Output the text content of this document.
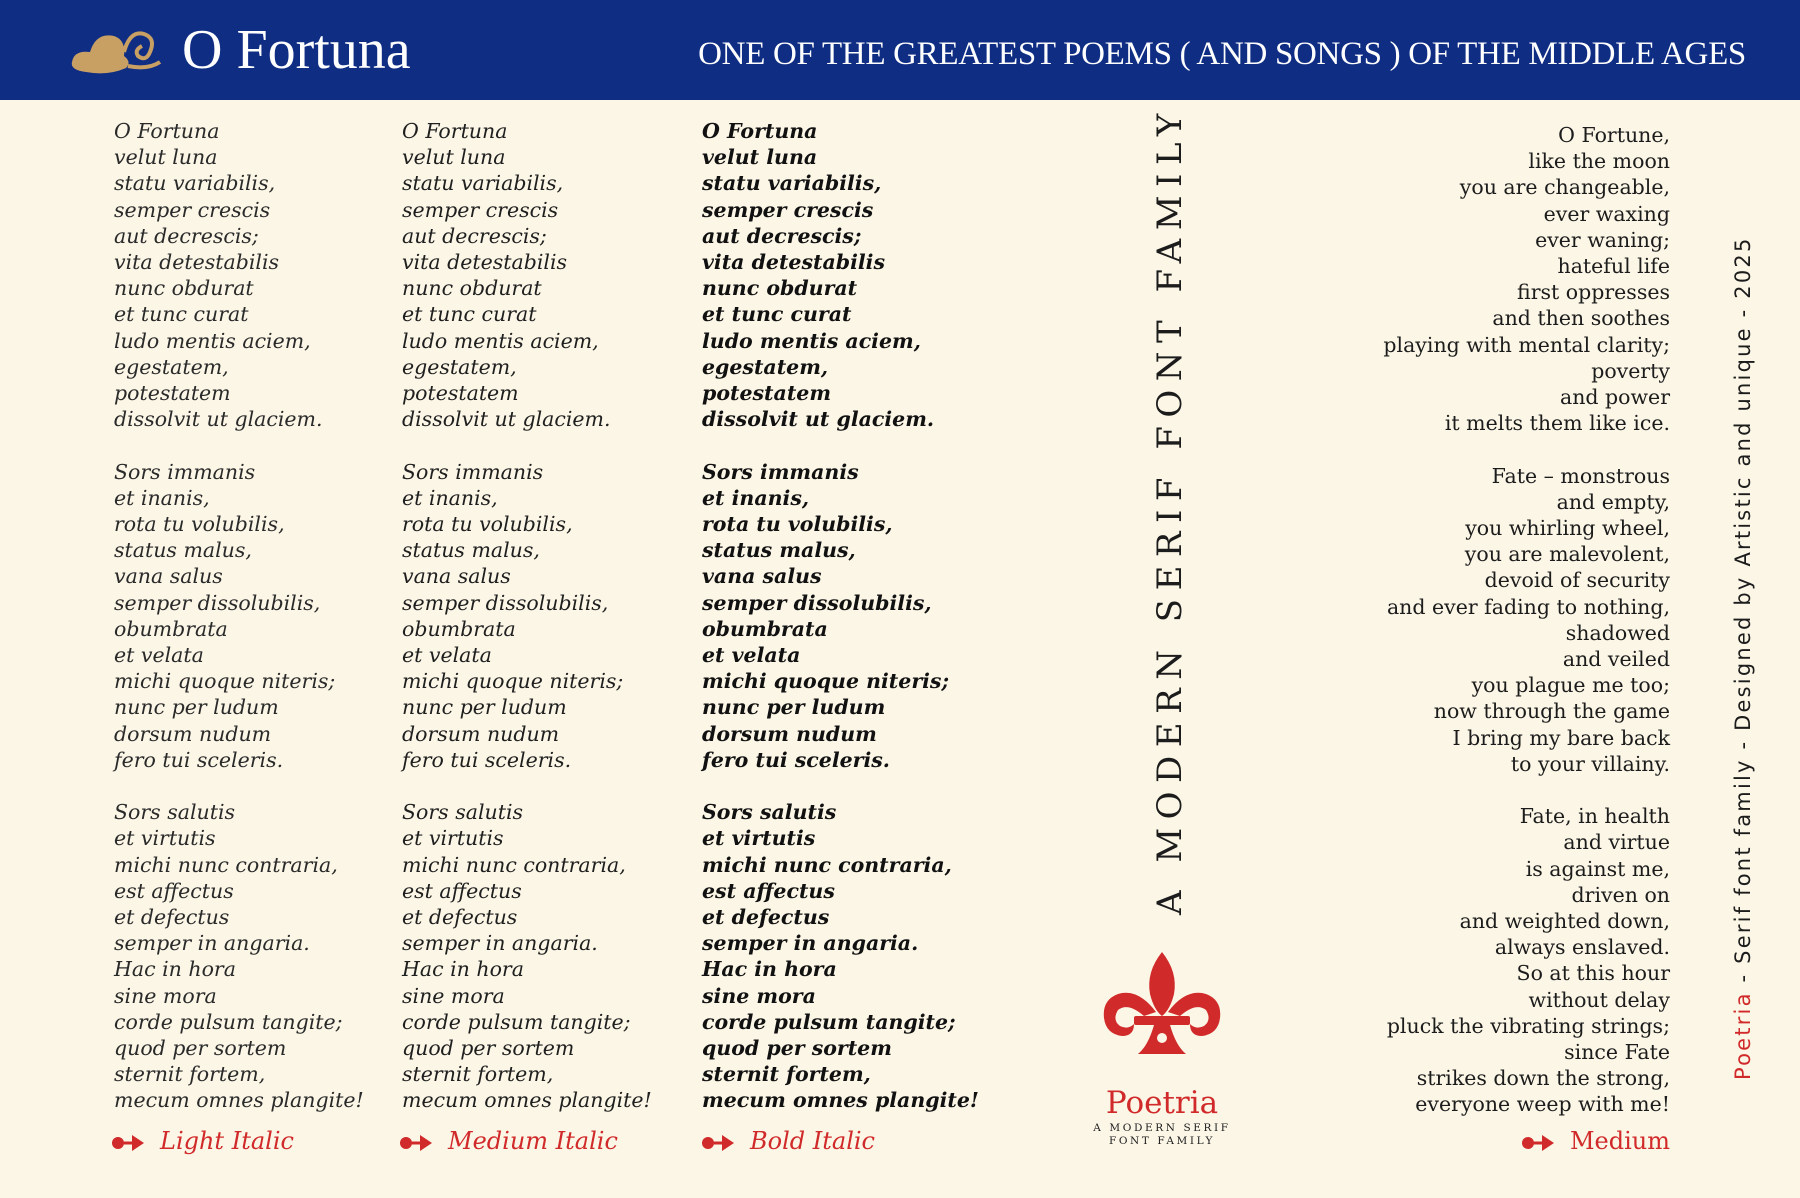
O Fortuna	ONE OF THE GREATEST POEMS ( AND SONGS ) OF THE MIDDLE AGES
O Fortuna
velut luna
statu variabilis,
semper crescis
aut decrescis;
vita detestabilis
nunc obdurat
et tunc curat
ludo mentis aciem,
egestatem,
potestatem
dissolvit ut glaciem.
Sors immanis
et inanis,
rota tu volubilis,
status malus,
vana salus
semper dissolubilis,
obumbrata
et velata
michi quoque niteris;
nunc per ludum
dorsum nudum
fero tui sceleris.
Sors salutis
et virtutis
michi nunc contraria,
est affectus
et defectus
semper in angaria.
Hac in hora
sine mora
corde pulsum tangite;
quod per sortem
sternit fortem,
mecum omnes plangite!
O Fortuna
velut luna
statu variabilis,
semper crescis
aut decrescis;
vita detestabilis
nunc obdurat
et tunc curat
ludo mentis aciem,
egestatem,
potestatem
dissolvit ut glaciem.
Sors immanis
et inanis,
rota tu volubilis,
status malus,
vana salus
semper dissolubilis,
obumbrata
et velata
michi quoque niteris;
nunc per ludum
dorsum nudum
fero tui sceleris.
Sors salutis
et virtutis
michi nunc contraria,
est affectus
et defectus
semper in angaria.
Hac in hora
sine mora
corde pulsum tangite;
quod per sortem
sternit fortem,
mecum omnes plangite!
O Fortuna
velut luna
statu variabilis,
semper crescis
aut decrescis;
vita detestabilis
nunc obdurat
et tunc curat
ludo mentis aciem,
egestatem,
potestatem
dissolvit ut glaciem.
Sors immanis
et inanis,
rota tu volubilis,
status malus,
vana salus
semper dissolubilis,
obumbrata
et velata
michi quoque niteris;
nunc per ludum
dorsum nudum
fero tui sceleris.
Sors salutis
et virtutis
michi nunc contraria,
est affectus
et defectus
semper in angaria.
Hac in hora
sine mora
corde pulsum tangite;
quod per sortem
sternit fortem,
mecum omnes plangite!
O Fortune,
like the moon
you are changeable,
ever waxing
ever waning;
hateful life
first oppresses
and then soothes
playing with mental clarity;
poverty
and power
it melts them like ice.
Fate – monstrous
and empty,
you whirling wheel,
you are malevolent,
devoid of security
and ever fading to nothing,
shadowed
and veiled
you plague me too;
now through the game
I bring my bare back
to your villainy.
Fate, in health
and virtue
is against me,
driven on
and weighted down,
always enslaved.
So at this hour
without delay
pluck the vibrating strings;
since Fate
strikes down the strong,
everyone weep with me!
Light Italic	Medium Italic	Bold Italic	Medium
A MODERN SERIF FONT FAMILY
Poetria
A MODERN SERIF
FONT FAMILY
Poetria - Serif font family - Designed by Artistic and unique - 2025
